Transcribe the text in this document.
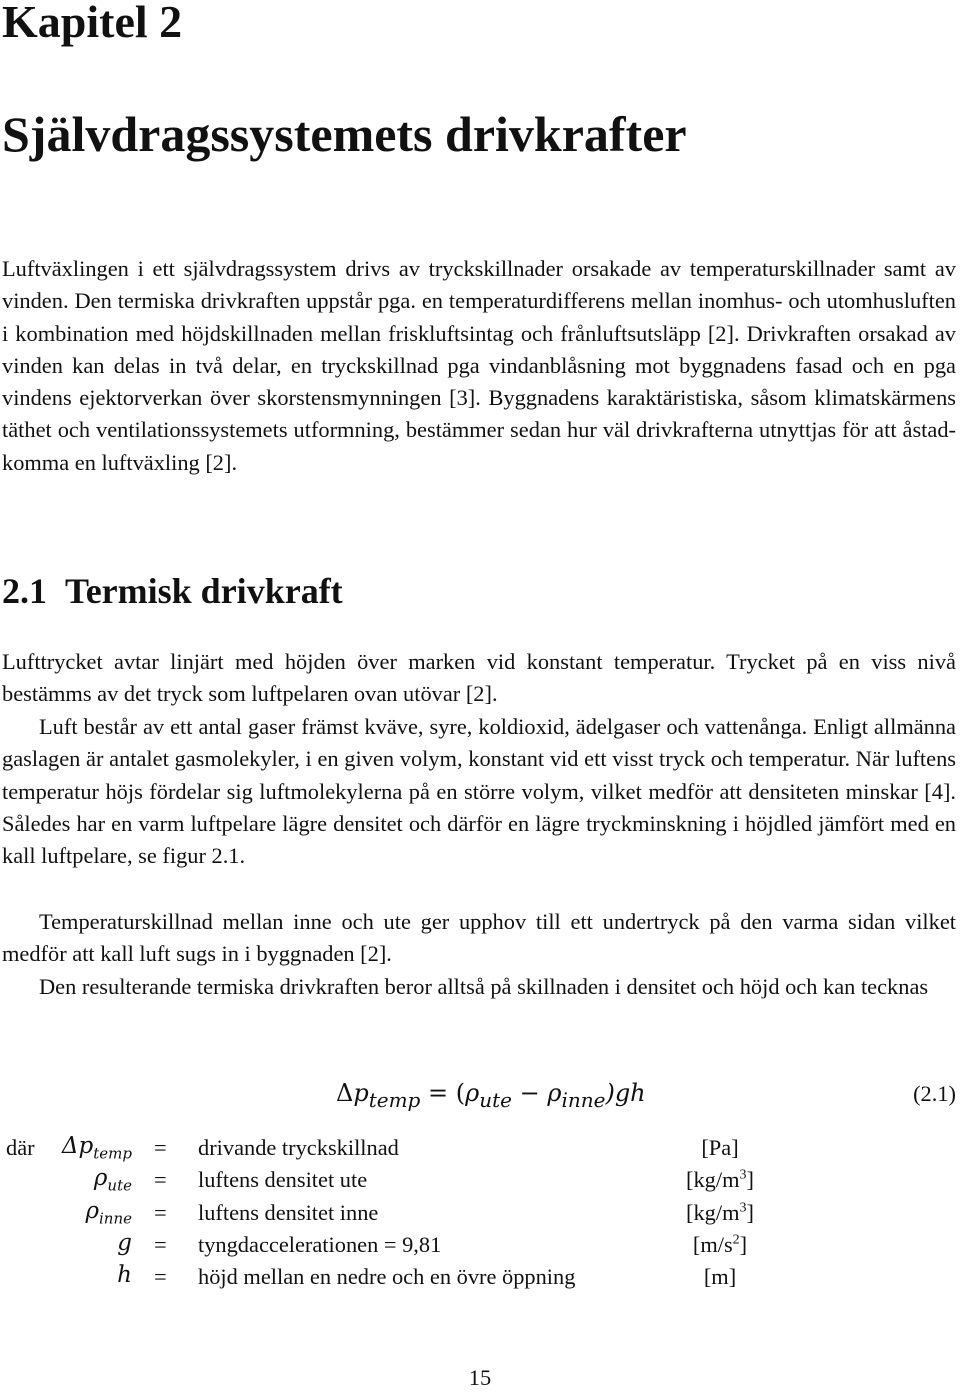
Kapitel 2
Självdragssystemets drivkrafter

Luftväxlingen i ett självdragssystem drivs av tryckskillnader orsakade av temperaturskillnader samt av vinden. Den termiska drivkraften uppstår pga. en temperaturdifferens mellan inomhus- och utomhusluften i kombination med höjdskillnaden mellan friskluftsintag och frånluftsutsläpp [2]. Drivkraften orsakad av vinden kan delas in två delar, en tryckskillnad pga vindanblåsning mot byggnadens fasad och en pga vindens ejektorverkan över skorstensmynningen [3]. Byggnadens karaktäristiska, såsom klimatskärmens täthet och ventilationssystemets utformning, bestämmer sedan hur väl drivkrafterna utnyttjas för att åstadkomma en luftväxling [2].

2.1 Termisk drivkraft

Lufttrycket avtar linjärt med höjden över marken vid konstant temperatur. Trycket på en viss nivå bestämms av det tryck som luftpelaren ovan utövar [2].

Luft består av ett antal gaser främst kväve, syre, koldioxid, ädelgaser och vattenånga. Enligt allmänna gaslagen är antalet gasmolekyler, i en given volym, konstant vid ett visst tryck och temperatur. När luftens temperatur höjs fördelar sig luftmolekylerna på en större volym, vilket medför att densiteten minskar [4]. Således har en varm luftpelare lägre densitet och därför en lägre tryckminskning i höjdled jämfört med en kall luftpelare, se figur 2.1.

Temperaturskillnad mellan inne och ute ger upphov till ett undertryck på den varma sidan vilket medför att kall luft sugs in i byggnaden [2].

Den resulterande termiska drivkraften beror alltså på skillnaden i densitet och höjd och kan tecknas

$\Delta p_{temp} = (\rho_{ute} - \rho_{inne})gh$	(2.1)
där $\Delta p_{temp}$ = drivande tryckskillnad	[Pa]
$\rho_{ute}$ = luftens densitet ute	$[kg/m^3]$
$\rho_{inne}$ = luftens densitet inne	$[kg/m^3]$
g = tyngdaccelerationen = 9,81	$[m/s^2]$
h = höjd mellan en nedre och en övre öppning	[m]
15
